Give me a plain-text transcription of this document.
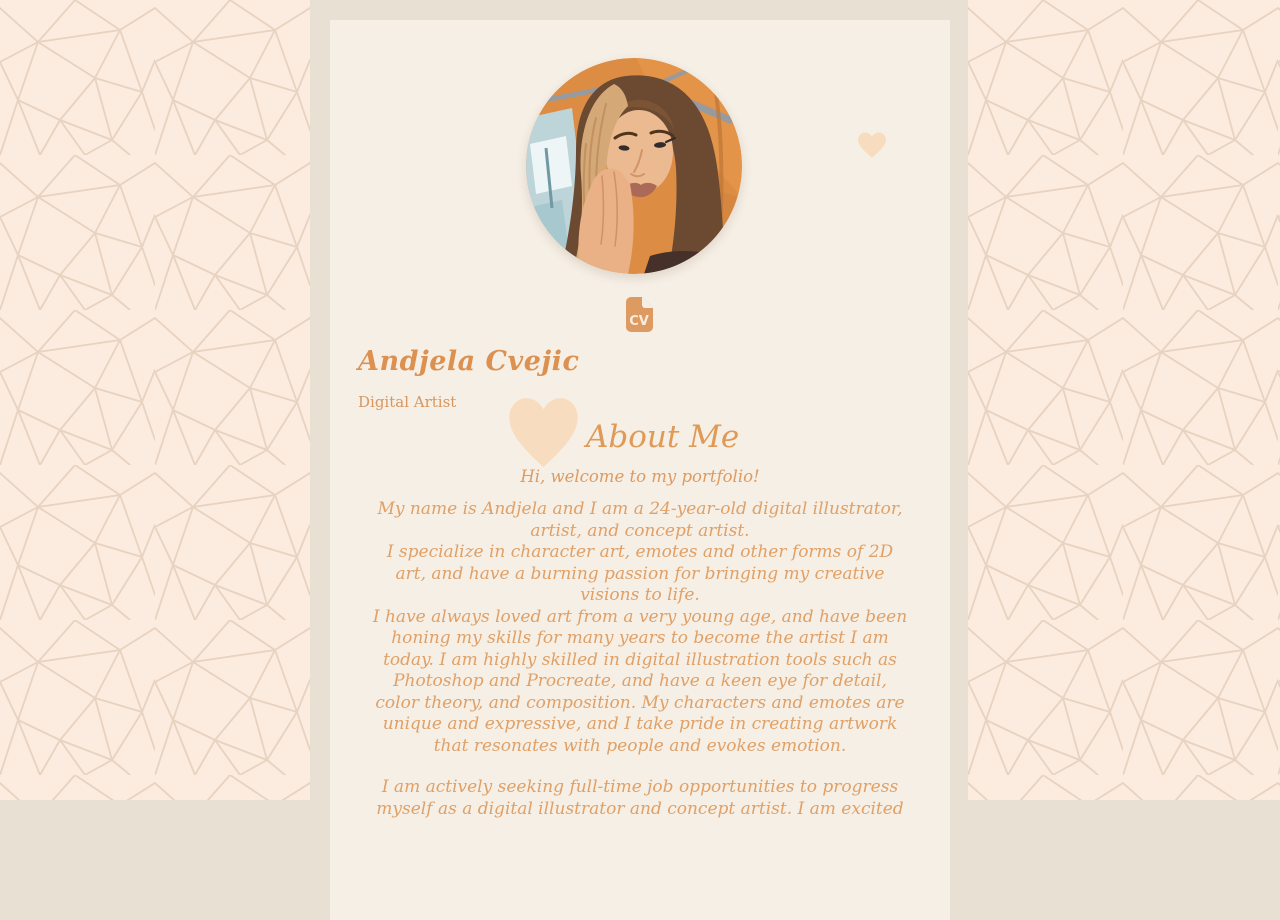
CV
Andjela Cvejic
Digital Artist
About Me
Hi, welcome to my portfolio!

My name is Andjela and I am a 24-year-old digital illustrator, artist, and concept artist.

I specialize in character art, emotes and other forms of 2D art, and have a burning passion for bringing my creative visions to life.

I have always loved art from a very young age, and have been honing my skills for many years to become the artist I am today. I am highly skilled in digital illustration tools such as Photoshop and Procreate, and have a keen eye for detail, color theory, and composition. My characters and emotes are unique and expressive, and I take pride in creating artwork that resonates with people and evokes emotion.

I am actively seeking full-time job opportunities to progress myself as a digital illustrator and concept artist. I am excited
